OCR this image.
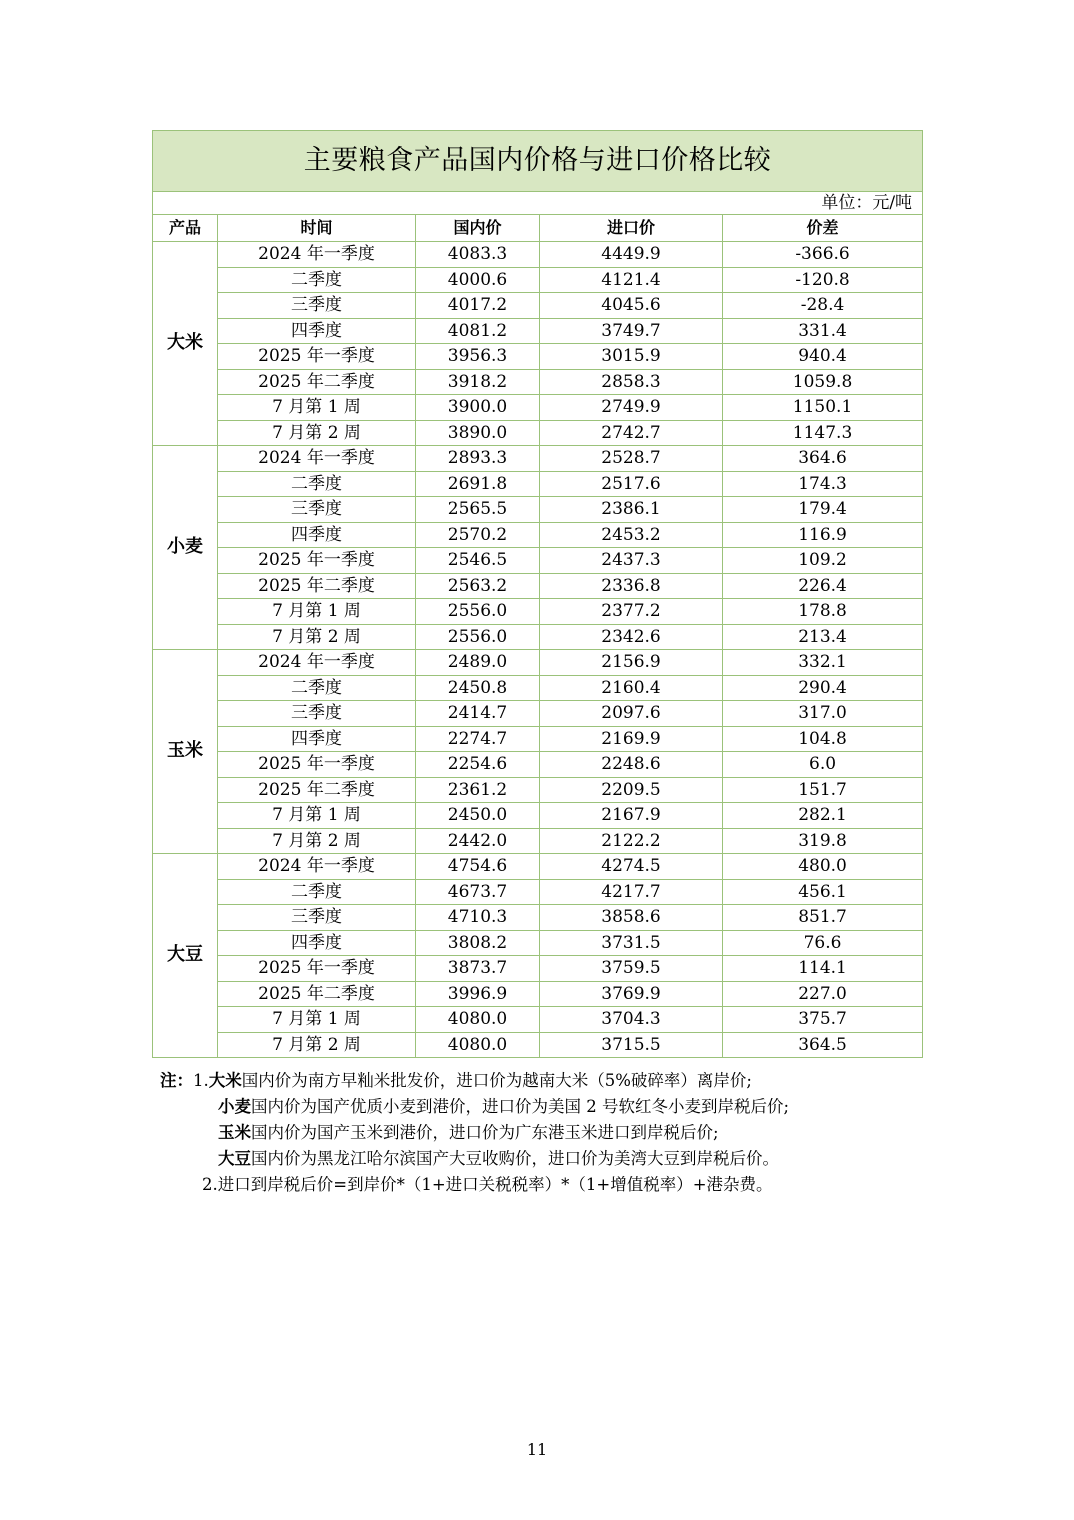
主要粮食产品国内价格与进口价格比较				
单位：元/吨				
产品	时间	国内价	进口价	价差
大米	2024 年一季度	4083.3	4449.9	-366.6
	二季度	4000.6	4121.4	-120.8
	三季度	4017.2	4045.6	-28.4
	四季度	4081.2	3749.7	331.4
	2025 年一季度	3956.3	3015.9	940.4
	2025 年二季度	3918.2	2858.3	1059.8
	7 月第 1 周	3900.0	2749.9	1150.1
	7 月第 2 周	3890.0	2742.7	1147.3
小麦	2024 年一季度	2893.3	2528.7	364.6
	二季度	2691.8	2517.6	174.3
	三季度	2565.5	2386.1	179.4
	四季度	2570.2	2453.2	116.9
	2025 年一季度	2546.5	2437.3	109.2
	2025 年二季度	2563.2	2336.8	226.4
	7 月第 1 周	2556.0	2377.2	178.8
	7 月第 2 周	2556.0	2342.6	213.4
玉米	2024 年一季度	2489.0	2156.9	332.1
	二季度	2450.8	2160.4	290.4
	三季度	2414.7	2097.6	317.0
	四季度	2274.7	2169.9	104.8
	2025 年一季度	2254.6	2248.6	6.0
	2025 年二季度	2361.2	2209.5	151.7
	7 月第 1 周	2450.0	2167.9	282.1
	7 月第 2 周	2442.0	2122.2	319.8
大豆	2024 年一季度	4754.6	4274.5	480.0
	二季度	4673.7	4217.7	456.1
	三季度	4710.3	3858.6	851.7
	四季度	3808.2	3731.5	76.6
	2025 年一季度	3873.7	3759.5	114.1
	2025 年二季度	3996.9	3769.9	227.0
	7 月第 1 周	4080.0	3704.3	375.7
	7 月第 2 周	4080.0	3715.5	364.5
注：1.大米国内价为南方早籼米批发价，进口价为越南大米（5%破碎率）离岸价;
小麦国内价为国产优质小麦到港价，进口价为美国 2 号软红冬小麦到岸税后价;
玉米国内价为国产玉米到港价，进口价为广东港玉米进口到岸税后价;
大豆国内价为黑龙江哈尔滨国产大豆收购价，进口价为美湾大豆到岸税后价。
2.进口到岸税后价=到岸价*（1+进口关税税率）*（1+增值税率）+港杂费。
11
